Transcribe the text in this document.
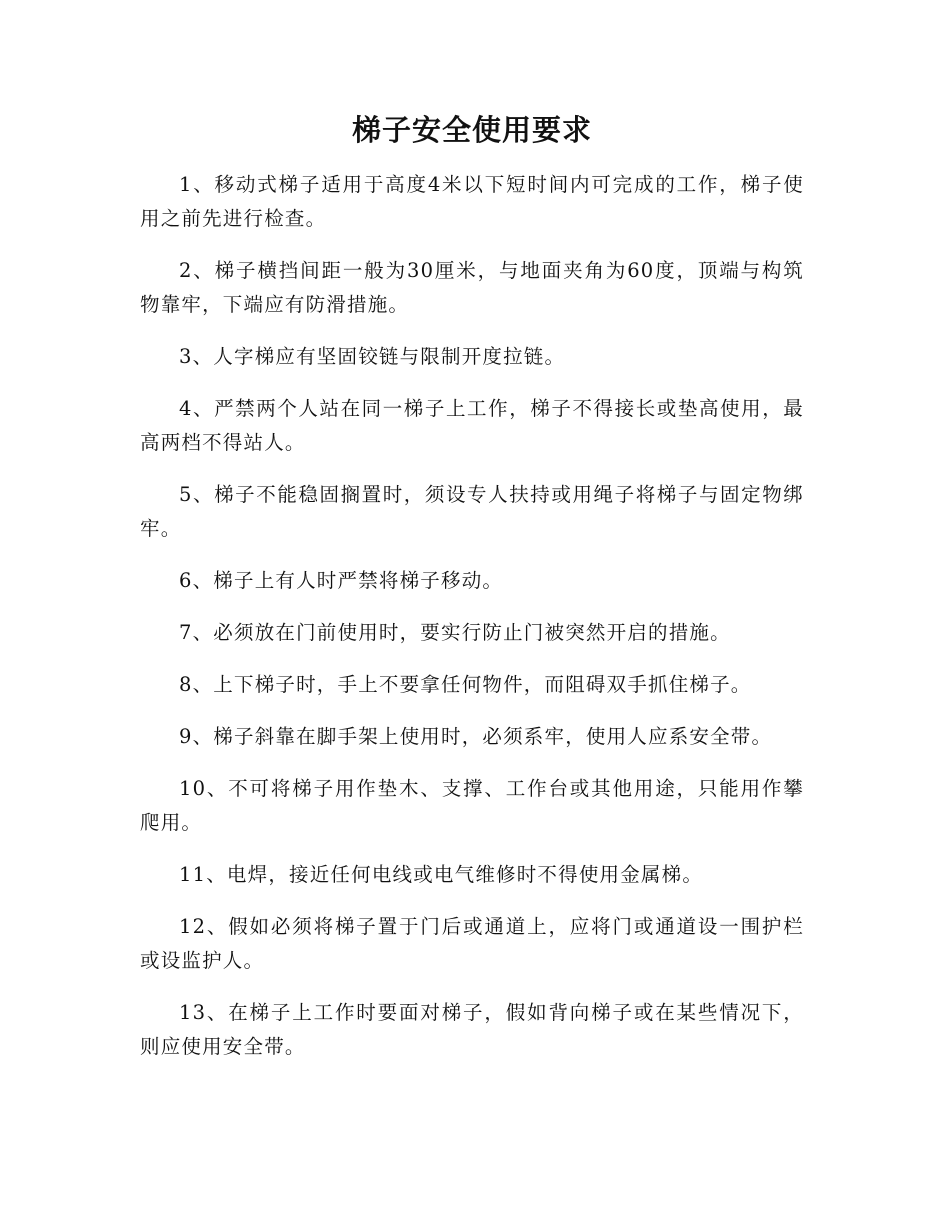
梯子安全使用要求

1、移动式梯子适用于高度4米以下短时间内可完成的工作，梯子使用之前先进行检查。

2、梯子横挡间距一般为30厘米，与地面夹角为60度，顶端与构筑物靠牢，下端应有防滑措施。

3、人字梯应有坚固铰链与限制开度拉链。

4、严禁两个人站在同一梯子上工作，梯子不得接长或垫高使用，最高两档不得站人。

5、梯子不能稳固搁置时，须设专人扶持或用绳子将梯子与固定物绑牢。

6、梯子上有人时严禁将梯子移动。

7、必须放在门前使用时，要实行防止门被突然开启的措施。

8、上下梯子时，手上不要拿任何物件，而阻碍双手抓住梯子。

9、梯子斜靠在脚手架上使用时，必须系牢，使用人应系安全带。

10、不可将梯子用作垫木、支撑、工作台或其他用途，只能用作攀爬用。

11、电焊，接近任何电线或电气维修时不得使用金属梯。

12、假如必须将梯子置于门后或通道上，应将门或通道设一围护栏或设监护人。

13、在梯子上工作时要面对梯子，假如背向梯子或在某些情况下，则应使用安全带。
